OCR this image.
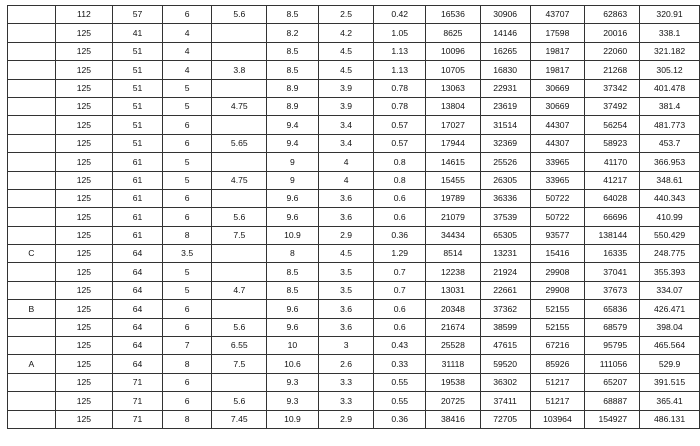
	112	57	6	5.6	8.5	2.5	0.42	16536	30906	43707	62863	320.91
	125	41	4		8.2	4.2	1.05	8625	14146	17598	20016	338.1
	125	51	4		8.5	4.5	1.13	10096	16265	19817	22060	321.182
	125	51	4	3.8	8.5	4.5	1.13	10705	16830	19817	21268	305.12
	125	51	5		8.9	3.9	0.78	13063	22931	30669	37342	401.478
	125	51	5	4.75	8.9	3.9	0.78	13804	23619	30669	37492	381.4
	125	51	6		9.4	3.4	0.57	17027	31514	44307	56254	481.773
	125	51	6	5.65	9.4	3.4	0.57	17944	32369	44307	58923	453.7
	125	61	5		9	4	0.8	14615	25526	33965	41170	366.953
	125	61	5	4.75	9	4	0.8	15455	26305	33965	41217	348.61
	125	61	6		9.6	3.6	0.6	19789	36336	50722	64028	440.343
	125	61	6	5.6	9.6	3.6	0.6	21079	37539	50722	66696	410.99
	125	61	8	7.5	10.9	2.9	0.36	34434	65305	93577	138144	550.429
C	125	64	3.5		8	4.5	1.29	8514	13231	15416	16335	248.775
	125	64	5		8.5	3.5	0.7	12238	21924	29908	37041	355.393
	125	64	5	4.7	8.5	3.5	0.7	13031	22661	29908	37673	334.07
B	125	64	6		9.6	3.6	0.6	20348	37362	52155	65836	426.471
	125	64	6	5.6	9.6	3.6	0.6	21674	38599	52155	68579	398.04
	125	64	7	6.55	10	3	0.43	25528	47615	67216	95795	465.564
A	125	64	8	7.5	10.6	2.6	0.33	31118	59520	85926	111056	529.9
	125	71	6		9.3	3.3	0.55	19538	36302	51217	65207	391.515
	125	71	6	5.6	9.3	3.3	0.55	20725	37411	51217	68887	365.41
	125	71	8	7.45	10.9	2.9	0.36	38416	72705	103964	154927	486.131
